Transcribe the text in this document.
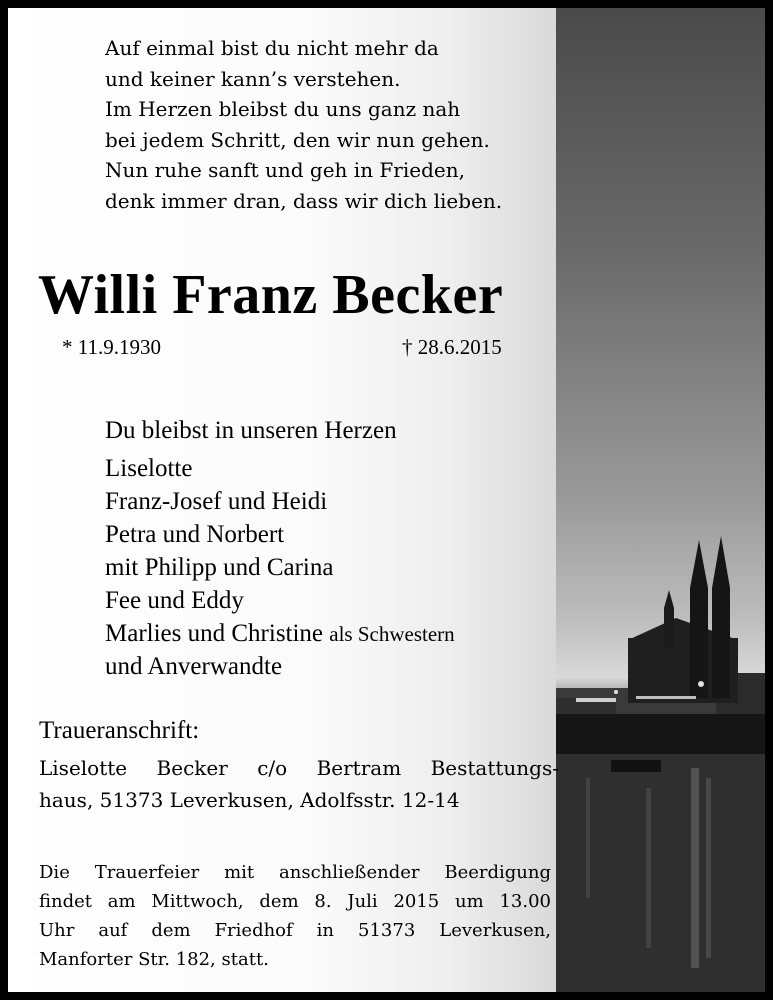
Auf einmal bist du nicht mehr da
und keiner kann’s verstehen.
Im Herzen bleibst du uns ganz nah
bei jedem Schritt, den wir nun gehen.
Nun ruhe sanft und geh in Frieden,
denk immer dran, dass wir dich lieben.
Willi Franz Becker
* 11.9.1930	† 28.6.2015
Du bleibst in unseren Herzen
Liselotte
Franz-Josef und Heidi
Petra und Norbert
mit Philipp und Carina
Fee und Eddy
Marlies und Christine als Schwestern
und Anverwandte
Traueranschrift:
Liselotte Becker c/o Bertram Bestattungs-
haus, 51373 Leverkusen, Adolfsstr. 12-14
Die Trauerfeier mit anschließender Beerdigung
findet am Mittwoch, dem 8. Juli 2015 um 13.00
Uhr auf dem Friedhof in 51373 Leverkusen,
Manforter Str. 182, statt.
